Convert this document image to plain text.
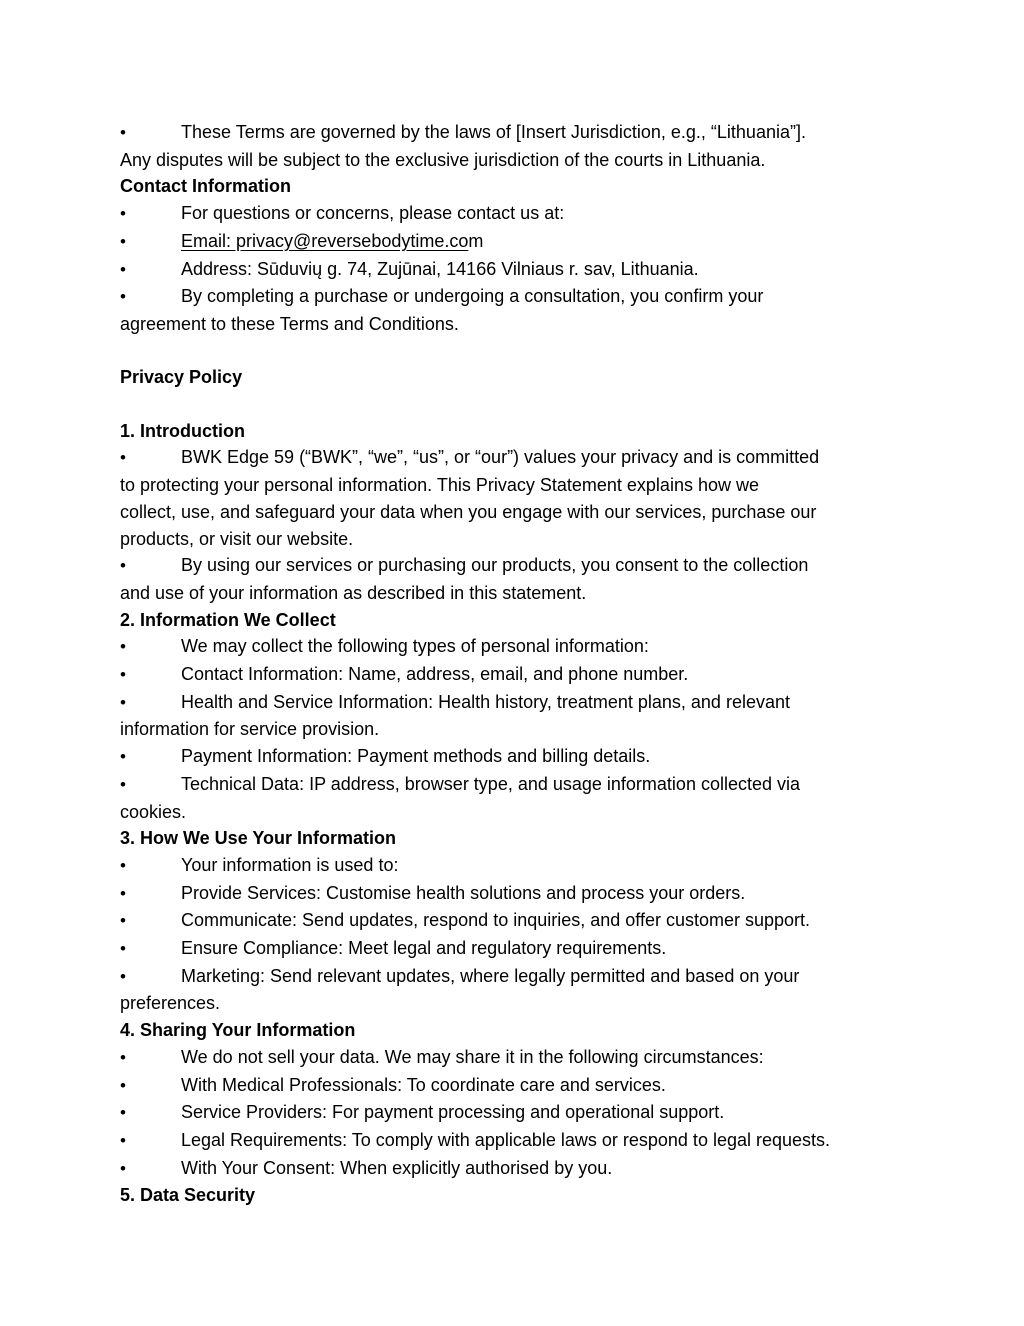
•	These Terms are governed by the laws of [Insert Jurisdiction, e.g., “Lithuania”].
Any disputes will be subject to the exclusive jurisdiction of the courts in Lithuania.
Contact Information
•	For questions or concerns, please contact us at:
•	Email: privacy@reversebodytime.com
•	Address: Sūduvių g. 74, Zujūnai, 14166 Vilniaus r. sav, Lithuania.
•	By completing a purchase or undergoing a consultation, you confirm your
agreement to these Terms and Conditions.
Privacy Policy
1. Introduction
•	BWK Edge 59 (“BWK”, “we”, “us”, or “our”) values your privacy and is committed
to protecting your personal information. This Privacy Statement explains how we
collect, use, and safeguard your data when you engage with our services, purchase our
products, or visit our website.
•	By using our services or purchasing our products, you consent to the collection
and use of your information as described in this statement.
2. Information We Collect
•	We may collect the following types of personal information:
•	Contact Information: Name, address, email, and phone number.
•	Health and Service Information: Health history, treatment plans, and relevant
information for service provision.
•	Payment Information: Payment methods and billing details.
•	Technical Data: IP address, browser type, and usage information collected via
cookies.
3. How We Use Your Information
•	Your information is used to:
•	Provide Services: Customise health solutions and process your orders.
•	Communicate: Send updates, respond to inquiries, and offer customer support.
•	Ensure Compliance: Meet legal and regulatory requirements.
•	Marketing: Send relevant updates, where legally permitted and based on your
preferences.
4. Sharing Your Information
•	We do not sell your data. We may share it in the following circumstances:
•	With Medical Professionals: To coordinate care and services.
•	Service Providers: For payment processing and operational support.
•	Legal Requirements: To comply with applicable laws or respond to legal requests.
•	With Your Consent: When explicitly authorised by you.
5. Data Security
